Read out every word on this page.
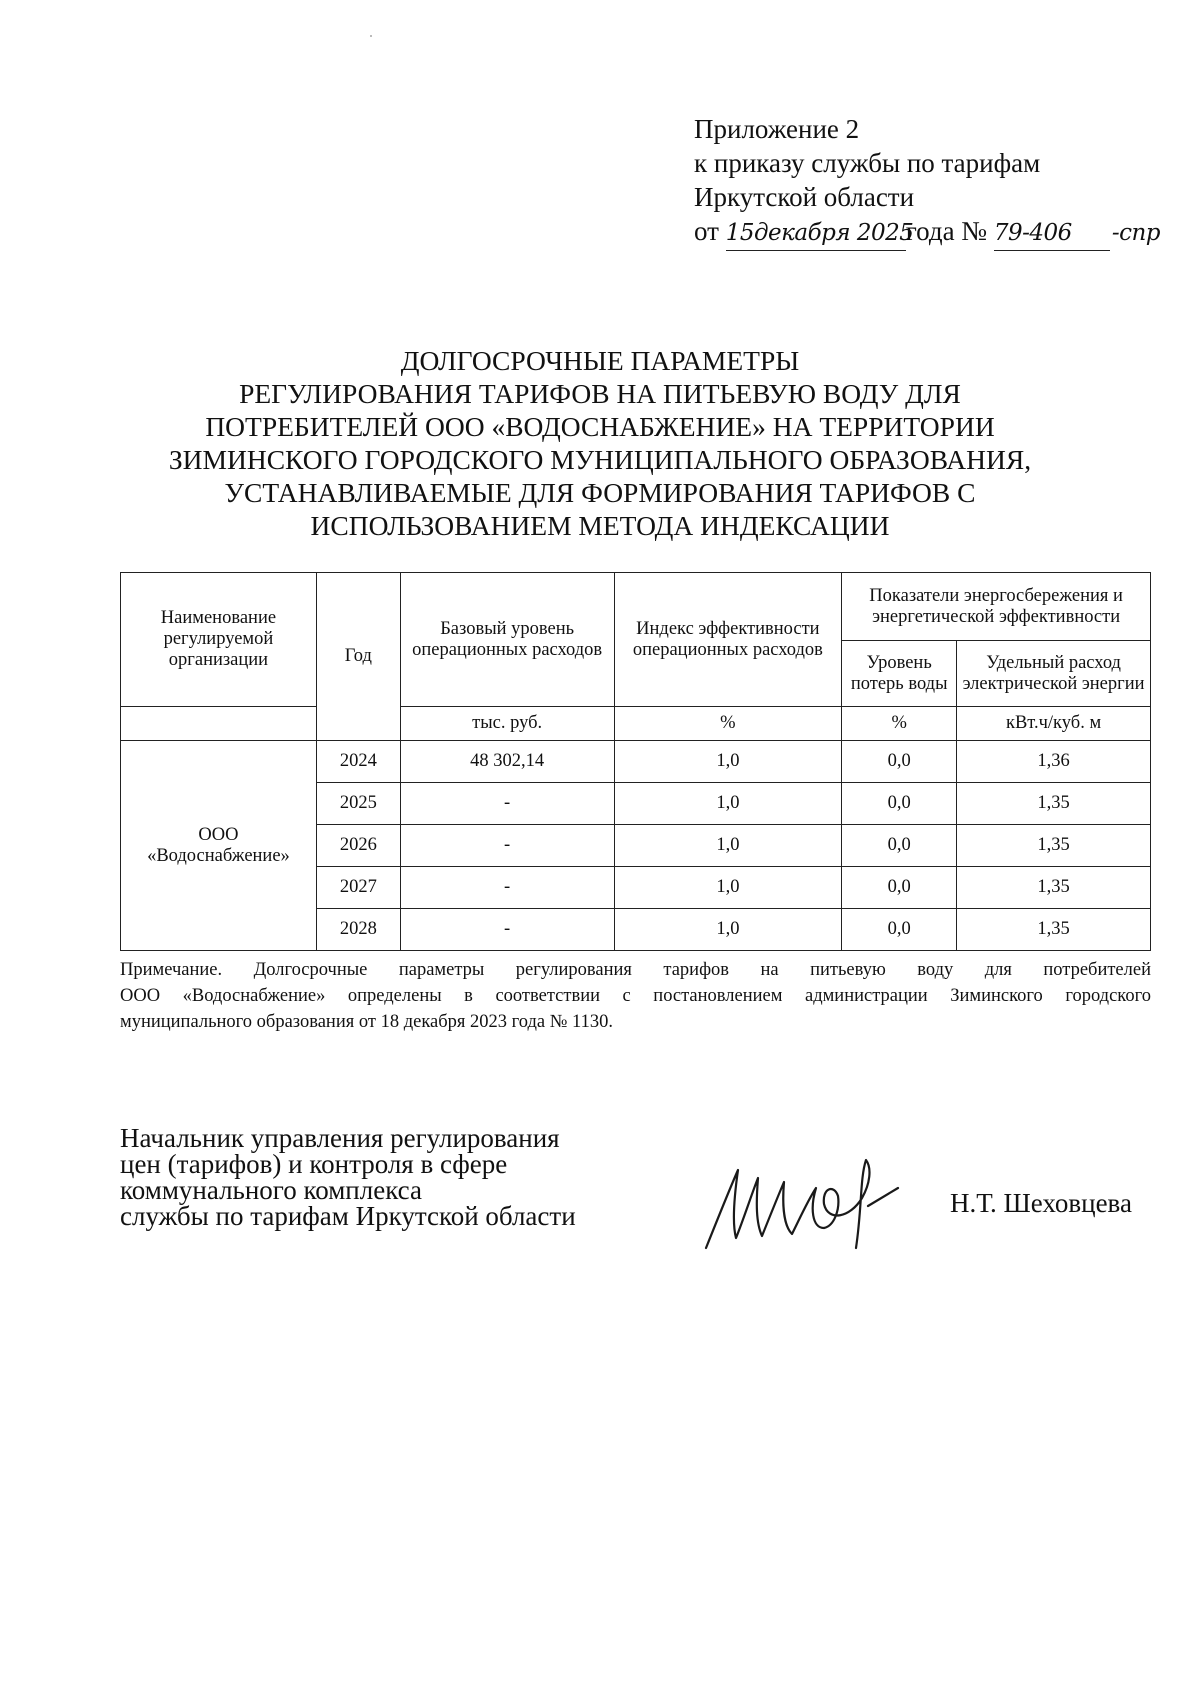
Приложение 2
к приказу службы по тарифам
Иркутской области
от 15декабря 2025года № 79-406 -спр
ДОЛГОСРОЧНЫЕ ПАРАМЕТРЫ
РЕГУЛИРОВАНИЯ ТАРИФОВ НА ПИТЬЕВУЮ ВОДУ ДЛЯ
ПОТРЕБИТЕЛЕЙ ООО «ВОДОСНАБЖЕНИЕ» НА ТЕРРИТОРИИ
ЗИМИНСКОГО ГОРОДСКОГО МУНИЦИПАЛЬНОГО ОБРАЗОВАНИЯ,
УСТАНАВЛИВАЕМЫЕ ДЛЯ ФОРМИРОВАНИЯ ТАРИФОВ С
ИСПОЛЬЗОВАНИЕМ МЕТОДА ИНДЕКСАЦИИ
Наименование регулируемой организации	Год	Базовый уровень операционных расходов	Индекс эффективности операционных расходов	Показатели энергосбережения и энергетической эффективности	
				Уровень потерь воды	Удельный расход электрической энергии
		тыс. руб.	%	%	кВт.ч/куб. м
ООО «Водоснабжение»	2024	48 302,14	1,0	0,0	1,36
	2025	-	1,0	0,0	1,35
	2026	-	1,0	0,0	1,35
	2027	-	1,0	0,0	1,35
	2028	-	1,0	0,0	1,35
Примечание. Долгосрочные параметры регулирования тарифов на питьевую воду для потребителей
ООО «Водоснабжение» определены в соответствии с постановлением администрации Зиминского городского
муниципального образования от 18 декабря 2023 года № 1130.
Начальник управления регулирования
цен (тарифов) и контроля в сфере
коммунального комплекса
службы по тарифам Иркутской области	Н.Т. Шеховцева
